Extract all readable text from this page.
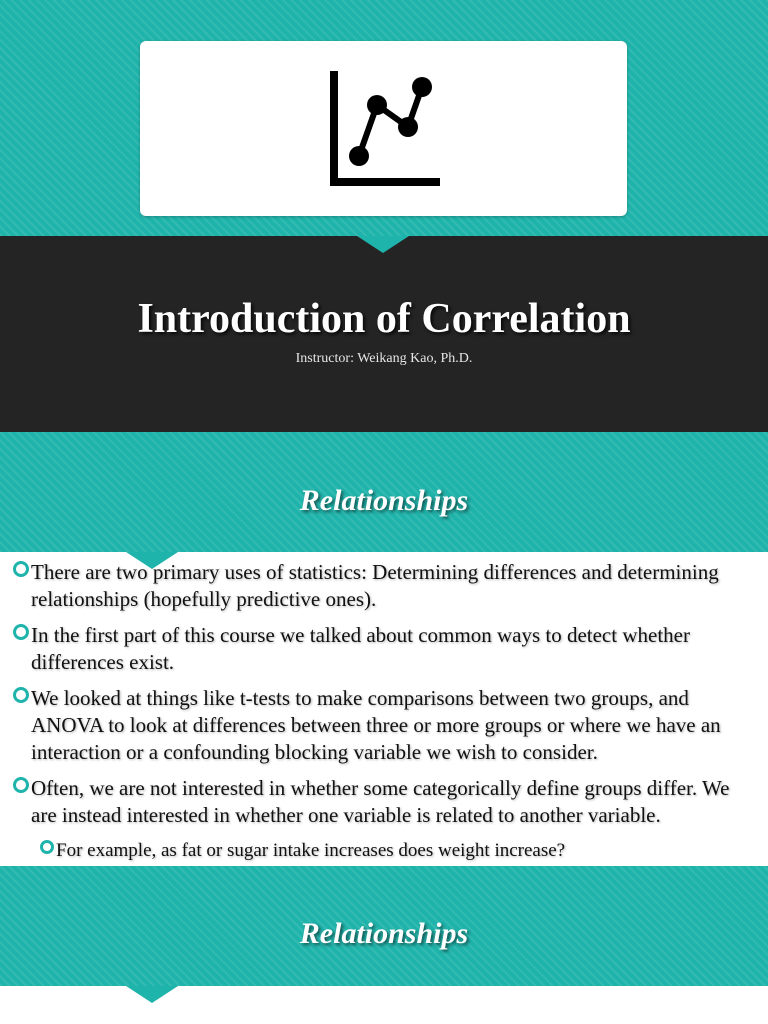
Introduction of Correlation
Instructor: Weikang Kao, Ph.D.
Relationships
There are two primary uses of statistics: Determining differences and determining relationships (hopefully predictive ones).
In the first part of this course we talked about common ways to detect whether differences exist.
We looked at things like t-tests to make comparisons between two groups, and ANOVA to look at differences between three or more groups or where we have an interaction or a confounding blocking variable we wish to consider.
Often, we are not interested in whether some categorically define groups differ. We are instead interested in whether one variable is related to another variable.
For example, as fat or sugar intake increases does weight increase?
Relationships
